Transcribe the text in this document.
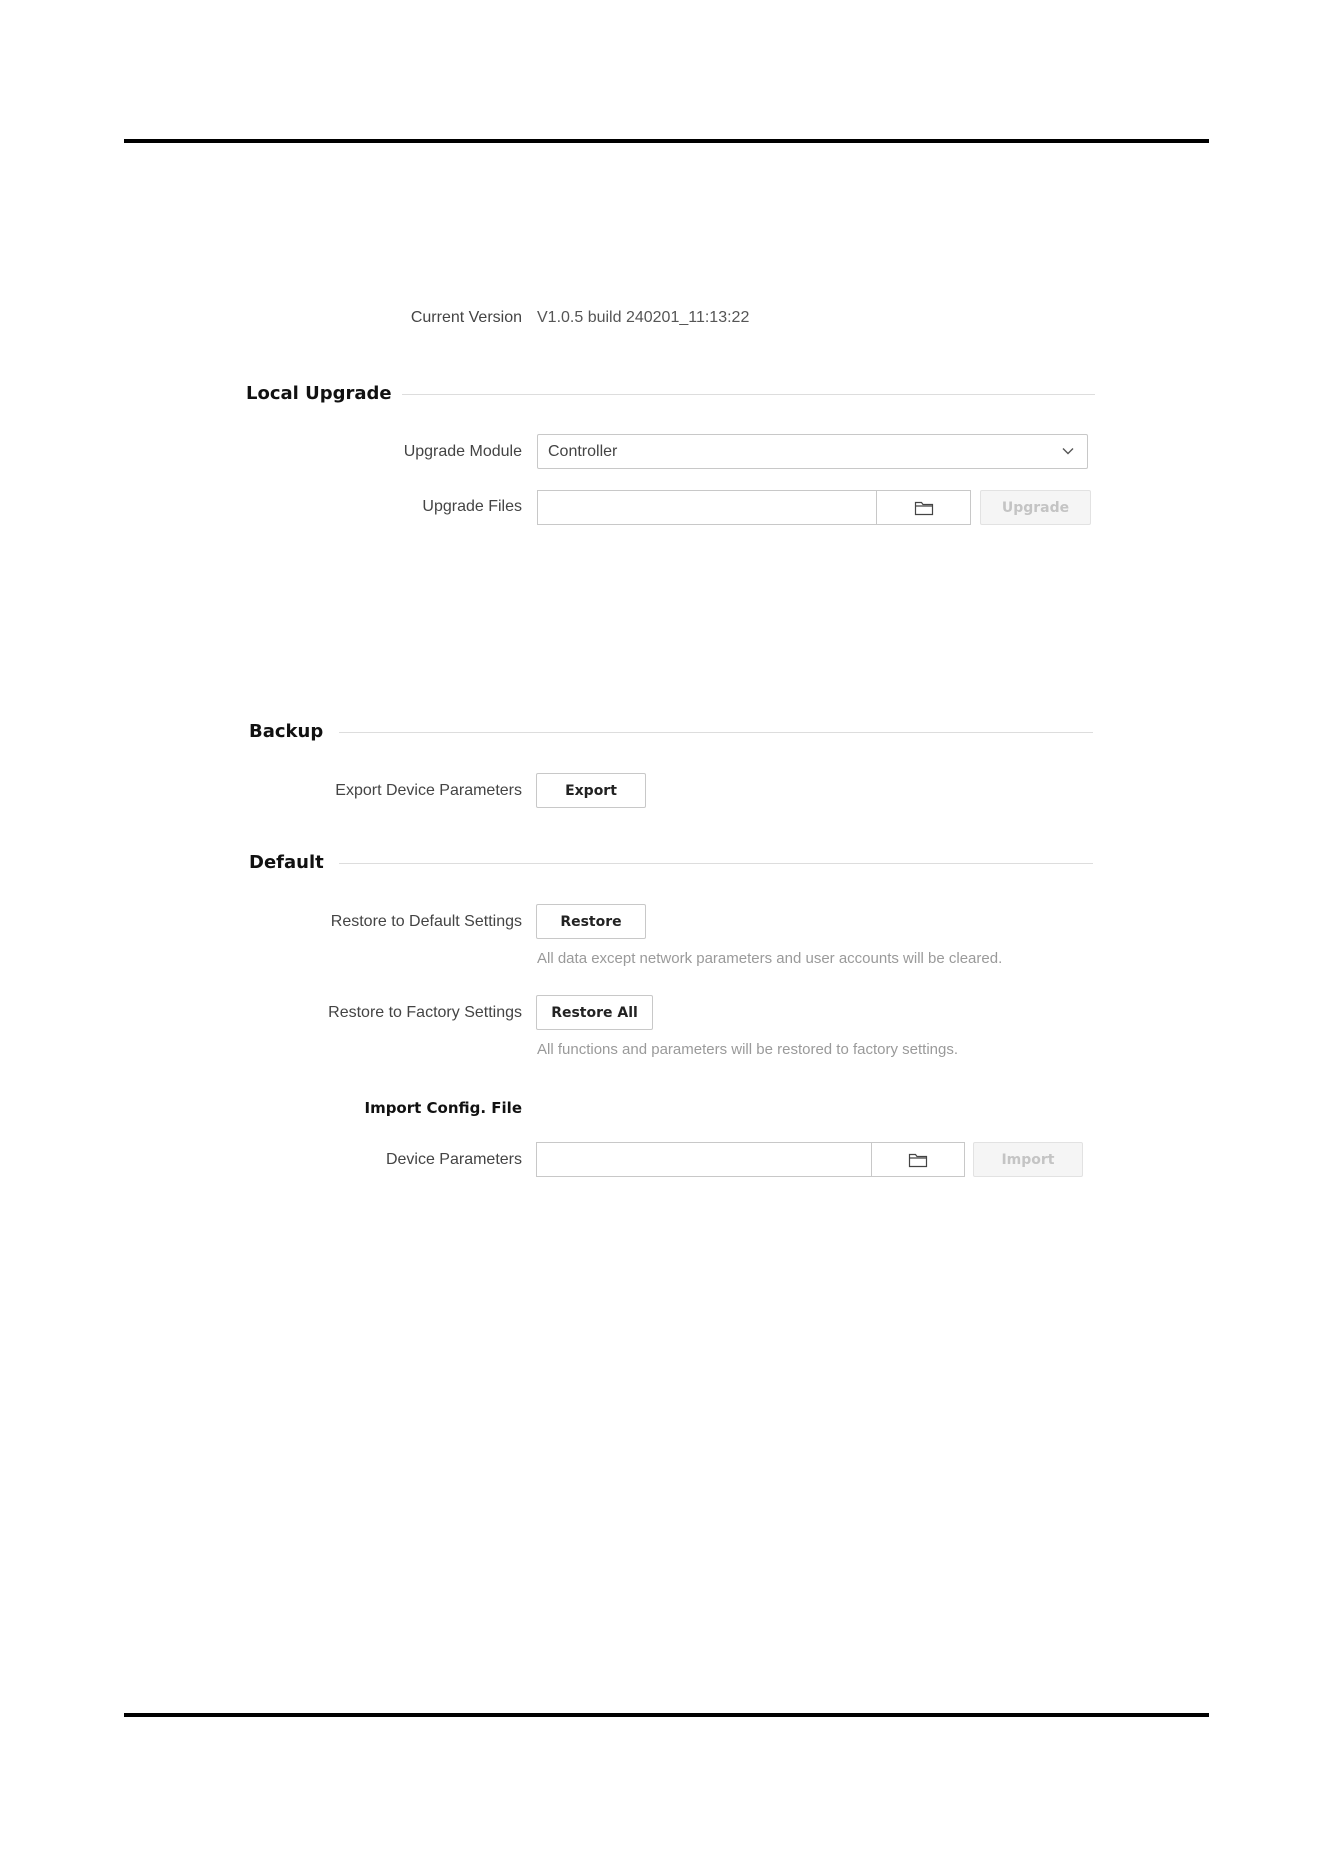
Current Version V1.0.5 build 240201_11:13:22
Local Upgrade
Upgrade Module Controller
Upgrade Files	Upgrade
Backup
Export Device Parameters	Export
Default
Restore to Default Settings	Restore
All data except network parameters and user accounts will be cleared.
Restore to Factory Settings	Restore All
All functions and parameters will be restored to factory settings.
Import Config. File
Device Parameters	Import
